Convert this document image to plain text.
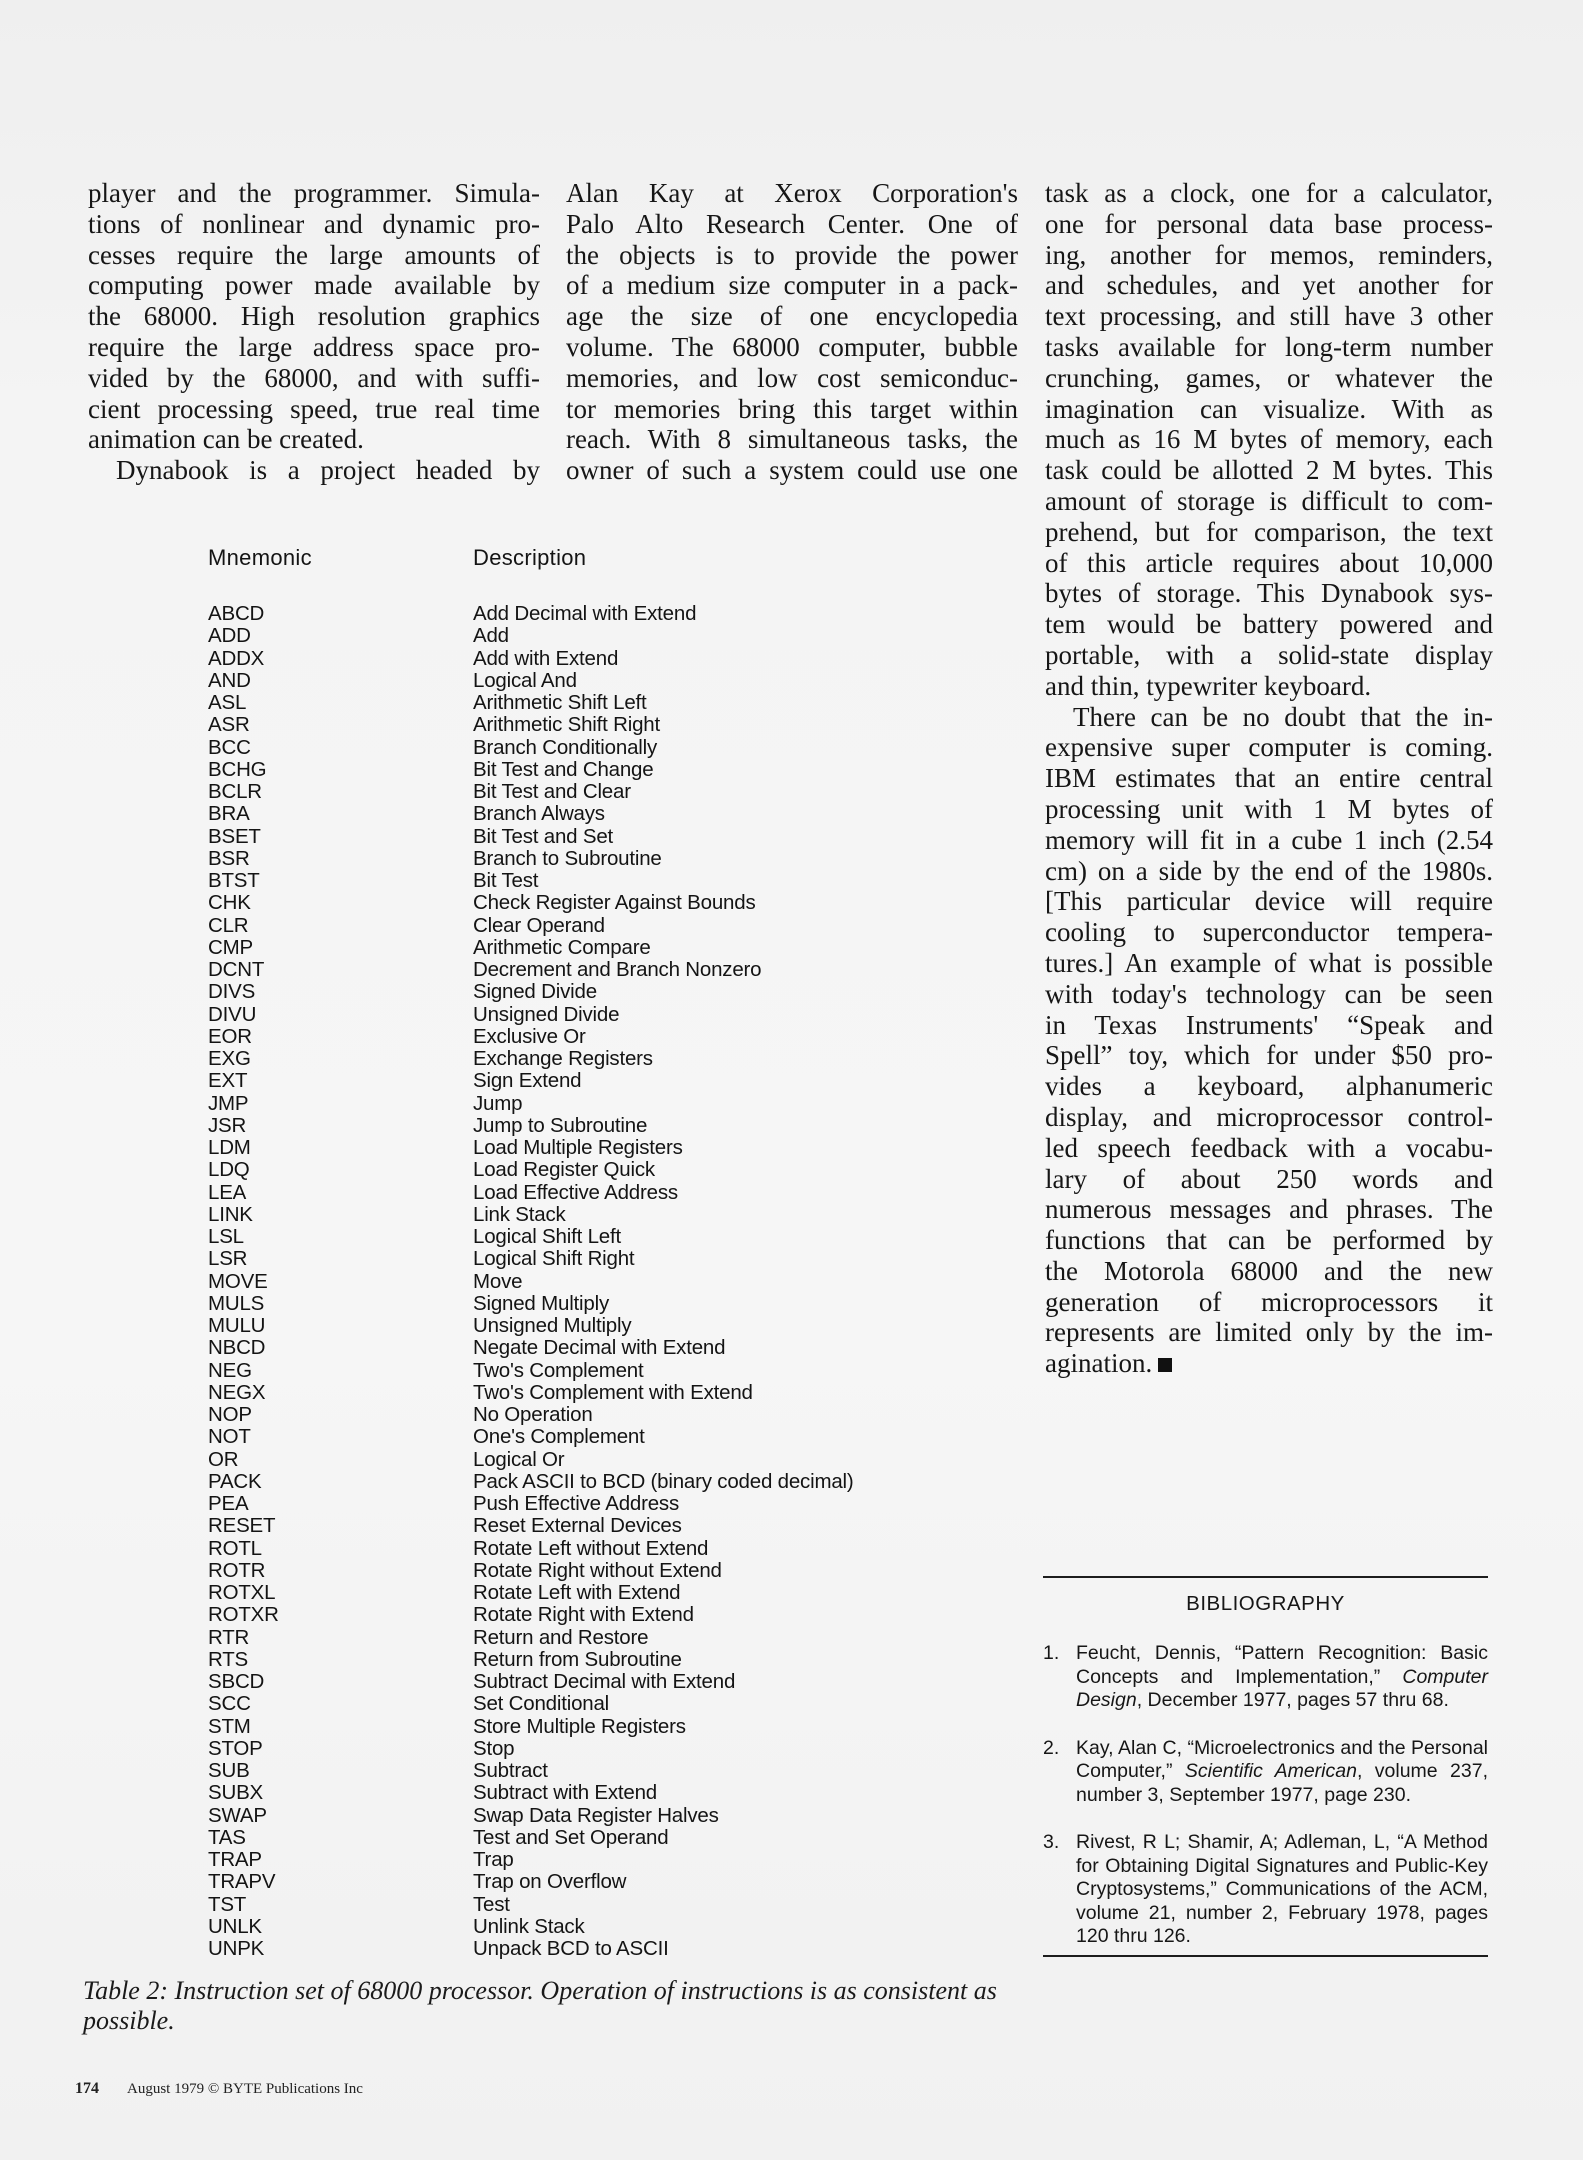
player and the programmer. Simula-
tions of nonlinear and dynamic pro-
cesses require the large amounts of
computing power made available by
the 68000. High resolution graphics
require the large address space pro-
vided by the 68000, and with suffi-
cient processing speed, true real time
animation can be created.
Dynabook is a project headed by
Alan Kay at Xerox Corporation's
Palo Alto Research Center. One of
the objects is to provide the power
of a medium size computer in a pack-
age the size of one encyclopedia
volume. The 68000 computer, bubble
memories, and low cost semiconduc-
tor memories bring this target within
reach. With 8 simultaneous tasks, the
owner of such a system could use one
task as a clock, one for a calculator,
one for personal data base process-
ing, another for memos, reminders,
and schedules, and yet another for
text processing, and still have 3 other
tasks available for long-term number
crunching, games, or whatever the
imagination can visualize. With as
much as 16 M bytes of memory, each
task could be allotted 2 M bytes. This
amount of storage is difficult to com-
prehend, but for comparison, the text
of this article requires about 10,000
bytes of storage. This Dynabook sys-
tem would be battery powered and
portable, with a solid-state display
and thin, typewriter keyboard.
There can be no doubt that the in-
expensive super computer is coming.
IBM estimates that an entire central
processing unit with 1 M bytes of
memory will fit in a cube 1 inch (2.54
cm) on a side by the end of the 1980s.
[This particular device will require
cooling to superconductor tempera-
tures.] An example of what is possible
with today's technology can be seen
in Texas Instruments' “Speak and
Spell” toy, which for under $50 pro-
vides a keyboard, alphanumeric
display, and microprocessor control-
led speech feedback with a vocabu-
lary of about 250 words and
numerous messages and phrases. The
functions that can be performed by
the Motorola 68000 and the new
generation of microprocessors it
represents are limited only by the im-
agination.
Mnemonic	Description
ABCD	Add Decimal with Extend
ADD	Add
ADDX	Add with Extend
AND	Logical And
ASL	Arithmetic Shift Left
ASR	Arithmetic Shift Right
BCC	Branch Conditionally
BCHG	Bit Test and Change
BCLR	Bit Test and Clear
BRA	Branch Always
BSET	Bit Test and Set
BSR	Branch to Subroutine
BTST	Bit Test
CHK	Check Register Against Bounds
CLR	Clear Operand
CMP	Arithmetic Compare
DCNT	Decrement and Branch Nonzero
DIVS	Signed Divide
DIVU	Unsigned Divide
EOR	Exclusive Or
EXG	Exchange Registers
EXT	Sign Extend
JMP	Jump
JSR	Jump to Subroutine
LDM	Load Multiple Registers
LDQ	Load Register Quick
LEA	Load Effective Address
LINK	Link Stack
LSL	Logical Shift Left
LSR	Logical Shift Right
MOVE	Move
MULS	Signed Multiply
MULU	Unsigned Multiply
NBCD	Negate Decimal with Extend
NEG	Two's Complement
NEGX	Two's Complement with Extend
NOP	No Operation
NOT	One's Complement
OR	Logical Or
PACK	Pack ASCII to BCD (binary coded decimal)
PEA	Push Effective Address
RESET	Reset External Devices
ROTL	Rotate Left without Extend
ROTR	Rotate Right without Extend
ROTXL	Rotate Left with Extend
ROTXR	Rotate Right with Extend
RTR	Return and Restore
RTS	Return from Subroutine
SBCD	Subtract Decimal with Extend
SCC	Set Conditional
STM	Store Multiple Registers
STOP	Stop
SUB	Subtract
SUBX	Subtract with Extend
SWAP	Swap Data Register Halves
TAS	Test and Set Operand
TRAP	Trap
TRAPV	Trap on Overflow
TST	Test
UNLK	Unlink Stack
UNPK	Unpack BCD to ASCII
Table 2: Instruction set of 68000 processor. Operation of instructions is as consistent as possible.
BIBLIOGRAPHY
1. Feucht, Dennis, “Pattern Recognition: Basic Concepts and Implementation,” Computer Design, December 1977, pages 57 thru 68.
2. Kay, Alan C, “Microelectronics and the Personal Computer,” Scientific American, volume 237, number 3, September 1977, page 230.
3. Rivest, R L; Shamir, A; Adleman, L, “A Method for Obtaining Digital Signatures and Public-Key Cryptosystems,” Communications of the ACM, volume 21, number 2, February 1978, pages 120 thru 126.
174 August 1979 © BYTE Publications Inc
